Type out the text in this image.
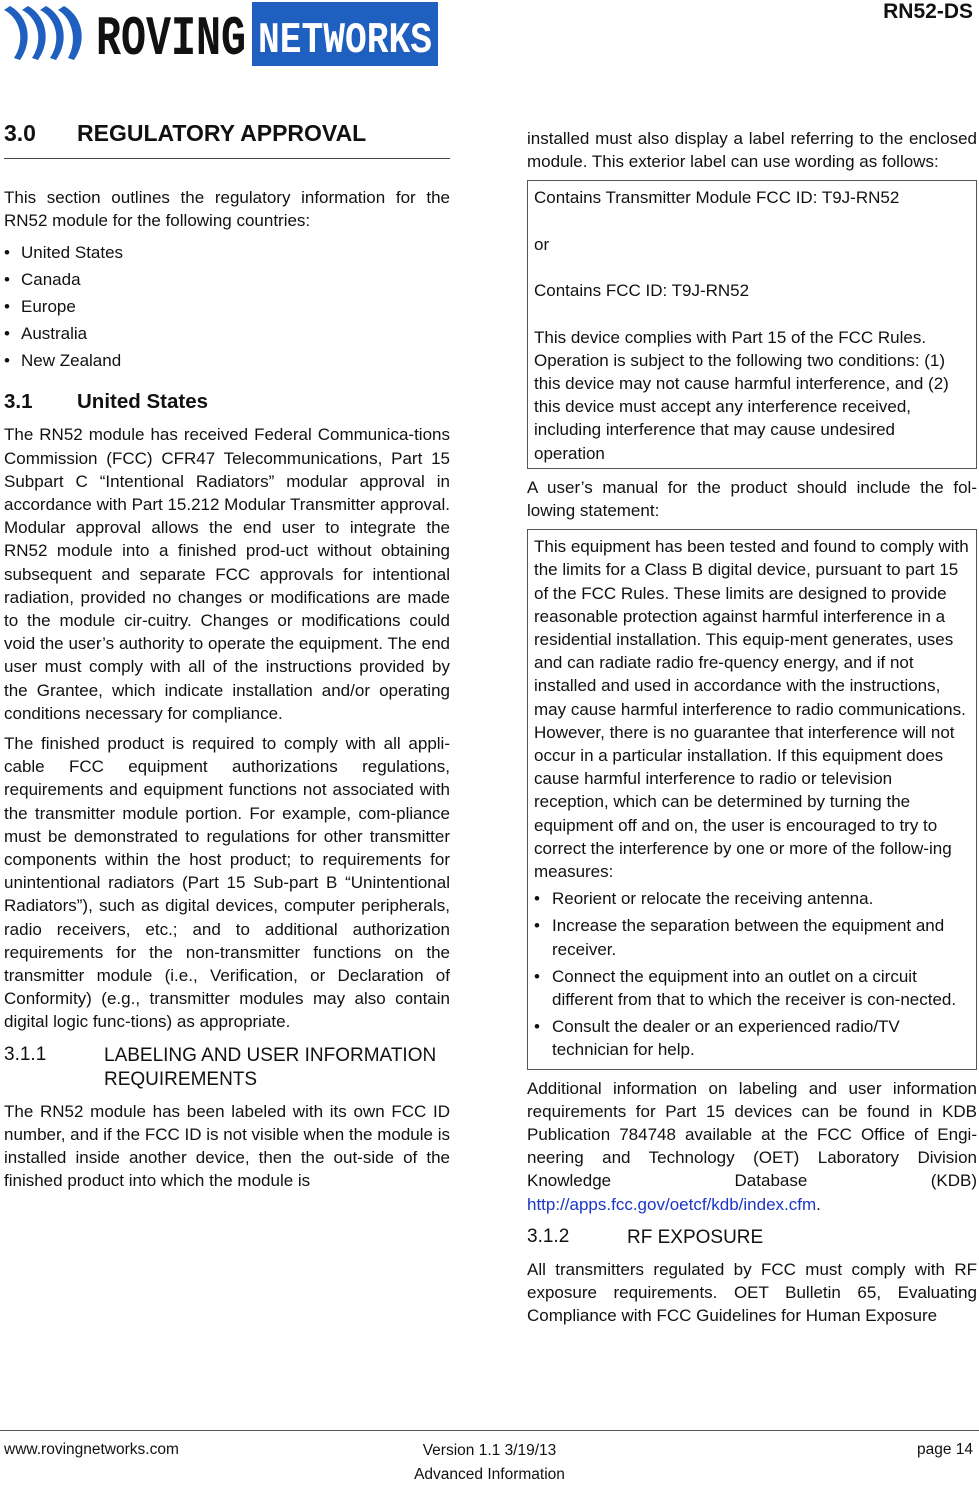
ROVING NETWORKS
RN52-DS
3.0 REGULATORY APPROVAL

This section outlines the regulatory information for the RN52 module for the following countries:

• United States
• Canada
• Europe
• Australia
• New Zealand
3.1 United States

The RN52 module has received Federal Communica-tions Commission (FCC) CFR47 Telecommunications, Part 15 Subpart C “Intentional Radiators” modular approval in accordance with Part 15.212 Modular Transmitter approval. Modular approval allows the end user to integrate the RN52 module into a finished prod-uct without obtaining subsequent and separate FCC approvals for intentional radiation, provided no changes or modifications are made to the module cir-cuitry. Changes or modifications could void the user’s authority to operate the equipment. The end user must comply with all of the instructions provided by the Grantee, which indicate installation and/or operating conditions necessary for compliance.

The finished product is required to comply with all appli-cable FCC equipment authorizations regulations, requirements and equipment functions not associated with the transmitter module portion. For example, com-pliance must be demonstrated to regulations for other transmitter components within the host product; to requirements for unintentional radiators (Part 15 Sub-part B “Unintentional Radiators”), such as digital devices, computer peripherals, radio receivers, etc.; and to additional authorization requirements for the non-transmitter functions on the transmitter module (i.e., Verification, or Declaration of Conformity) (e.g., transmitter modules may also contain digital logic func-tions) as appropriate.

3.1.1	LABELING AND USER INFORMATION REQUIREMENTS

The RN52 module has been labeled with its own FCC ID number, and if the FCC ID is not visible when the module is installed inside another device, then the out-side of the finished product into which the module is

installed must also display a label referring to the enclosed module. This exterior label can use wording as follows:

Contains Transmitter Module FCC ID: T9J-RN52
or
Contains FCC ID: T9J-RN52
This device complies with Part 15 of the FCC Rules. Operation is subject to the following two conditions: (1) this device may not cause harmful interference, and (2) this device must accept any interference received, including interference that may cause undesired operation

A user’s manual for the product should include the fol-lowing statement:

This equipment has been tested and found to comply with the limits for a Class B digital device, pursuant to part 15 of the FCC Rules. These limits are designed to provide reasonable protection against harmful interference in a residential installation. This equip-ment generates, uses and can radiate radio fre-quency energy, and if not installed and used in accordance with the instructions, may cause harmful interference to radio communications. However, there is no guarantee that interference will not occur in a particular installation. If this equipment does cause harmful interference to radio or television reception, which can be determined by turning the equipment off and on, the user is encouraged to try to correct the interference by one or more of the follow-ing measures:
• Reorient or relocate the receiving antenna.
• Increase the separation between the equipment and receiver.
• Connect the equipment into an outlet on a circuit different from that to which the receiver is con-nected.
• Consult the dealer or an experienced radio/TV technician for help.

Additional information on labeling and user information requirements for Part 15 devices can be found in KDB Publication 784748 available at the FCC Office of Engi-neering and Technology (OET) Laboratory Division Knowledge Database (KDB) http://apps.fcc.gov/oetcf/kdb/index.cfm.

3.1.2	RF EXPOSURE

All transmitters regulated by FCC must comply with RF exposure requirements. OET Bulletin 65, Evaluating Compliance with FCC Guidelines for Human Exposure

www.rovingnetworks.com	Version 1.1 3/19/13
Advanced Information
page 14
